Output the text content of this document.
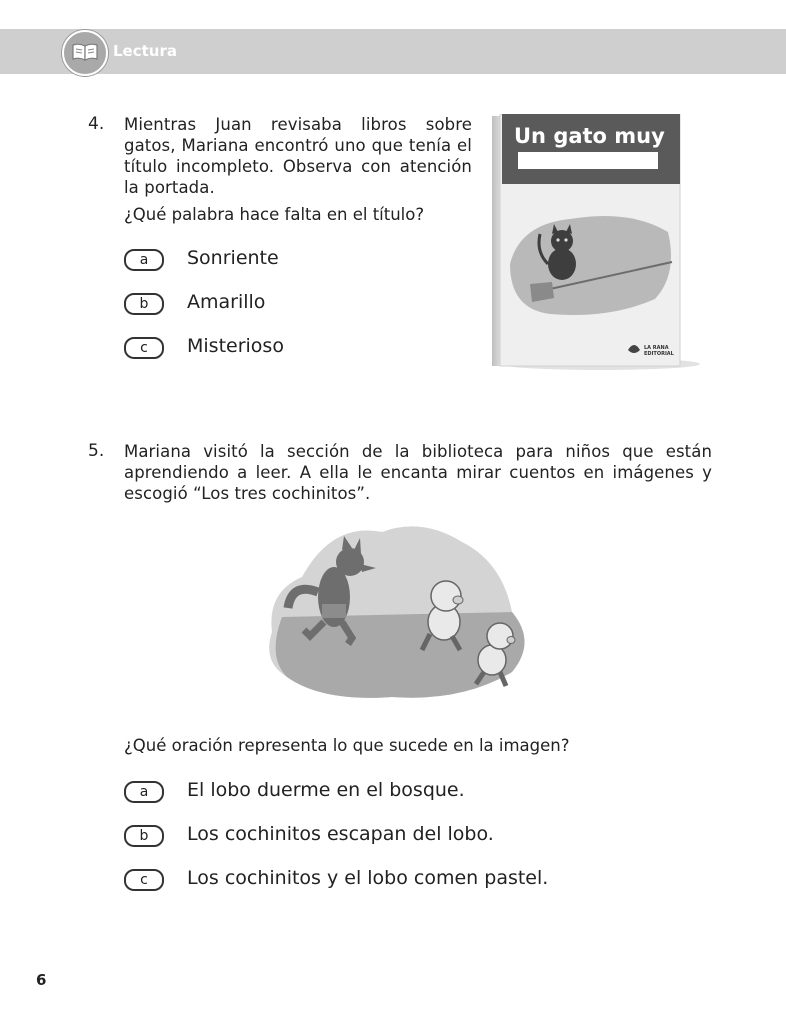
Lectura
4. Mientras Juan revisaba libros sobre gatos, Mariana encontró uno que tenía el título incompleto. Observa con atención la portada.
¿Qué palabra hace falta en el título?
a	Sonriente
b	Amarillo
c	Misterioso
Un gato muy
LA RANA
EDITORIAL
5. Mariana visitó la sección de la biblioteca para niños que están aprendiendo a leer. A ella le encanta mirar cuentos en imágenes y escogió “Los tres cochinitos”.
¿Qué oración representa lo que sucede en la imagen?
a	El lobo duerme en el bosque.
b	Los cochinitos escapan del lobo.
c	Los cochinitos y el lobo comen pastel.
6
